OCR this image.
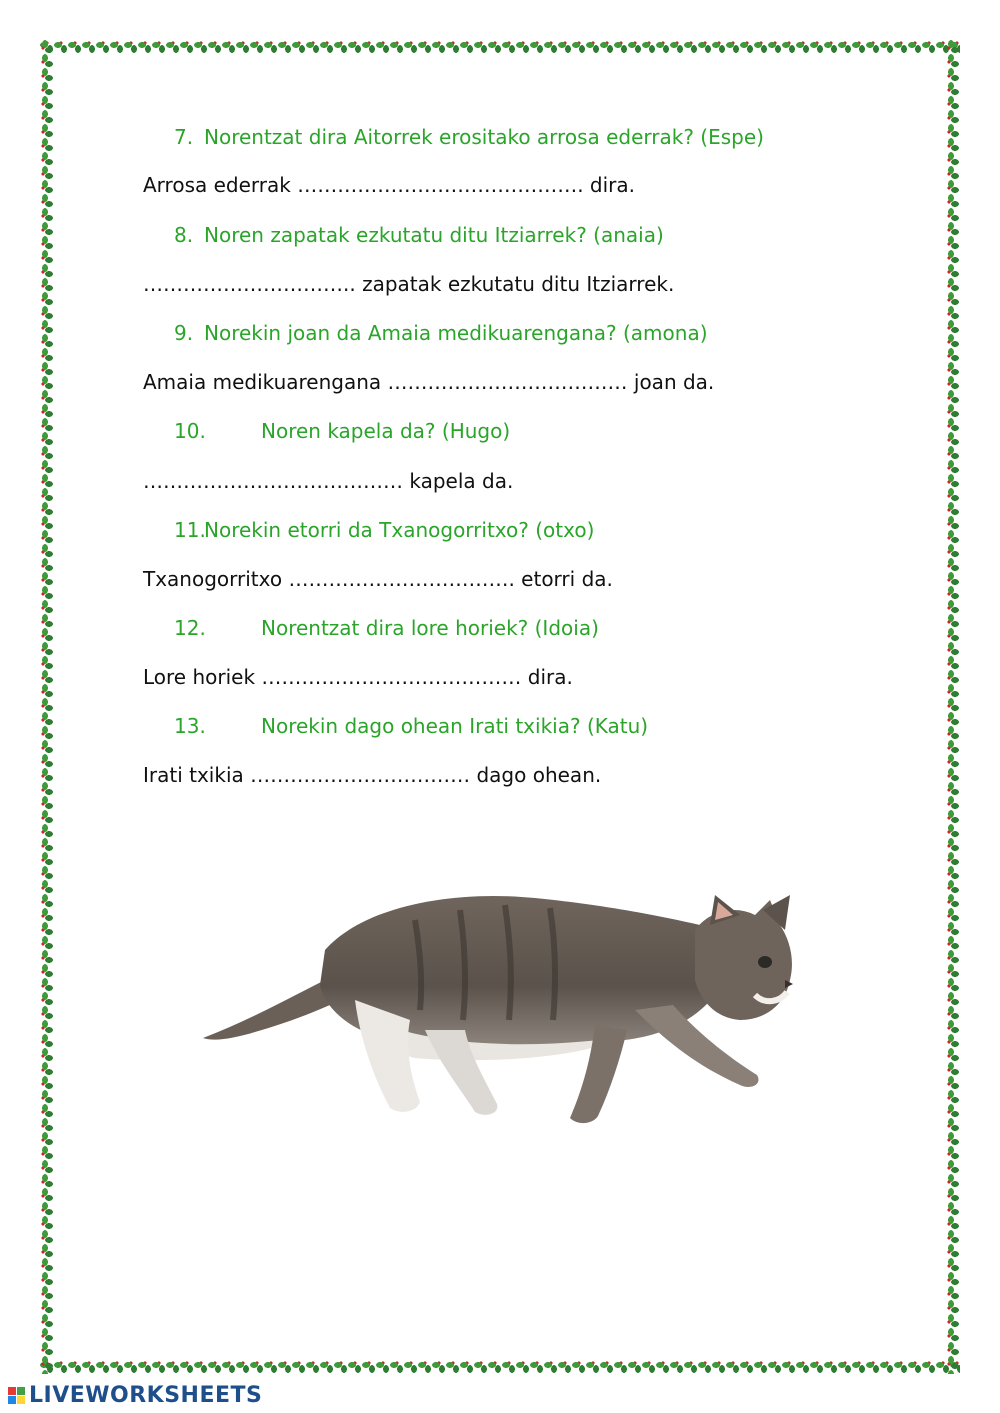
7. Norentzat dira Aitorrek erositako arrosa ederrak? (Espe)
Arrosa ederrak ……………………………………. dira.
8. Noren zapatak ezkutatu ditu Itziarrek? (anaia)
………………………….. zapatak ezkutatu ditu Itziarrek.
9. Norekin joan da Amaia medikuarengana? (amona)
Amaia medikuarengana ……………………………… joan da.
10.	Noren kapela da? (Hugo)
………………………………… kapela da.
11.Norekin etorri da Txanogorritxo? (otxo)
Txanogorritxo ……………………………. etorri da.
12.	Norentzat dira lore horiek? (Idoia)
Lore horiek ………………………………… dira.
13.	Norekin dago ohean Irati txikia? (Katu)
Irati txikia …………………………… dago ohean.
LIVEWORKSHEETS
